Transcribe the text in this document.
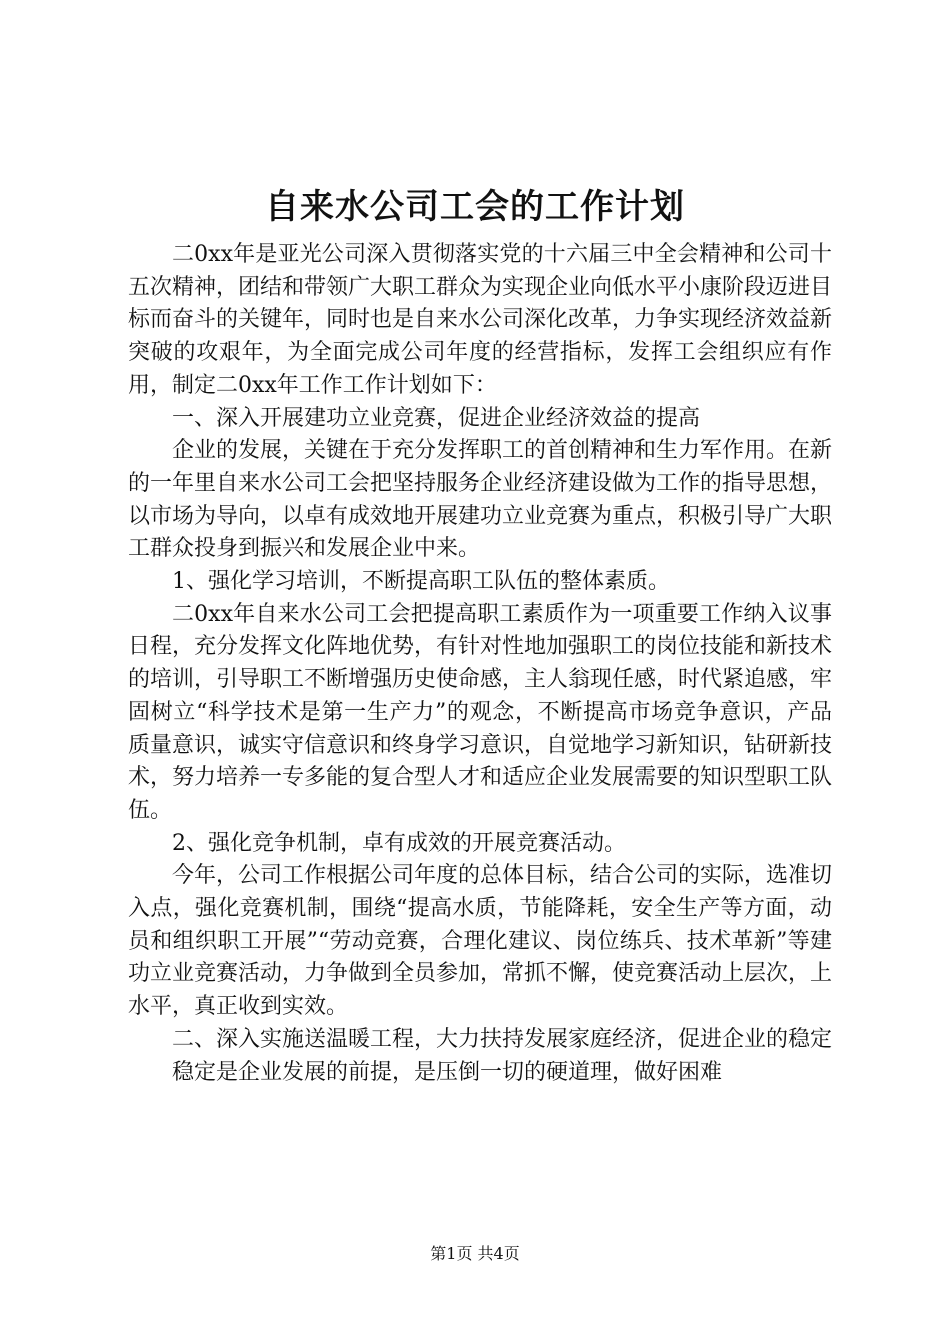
自来水公司工会的工作计划

二0xx年是亚光公司深入贯彻落实党的十六届三中全会精神和公司十五次精神，团结和带领广大职工群众为实现企业向低水平小康阶段迈进目标而奋斗的关键年，同时也是自来水公司深化改革，力争实现经济效益新突破的攻艰年，为全面完成公司年度的经营指标，发挥工会组织应有作用，制定二0xx年工作工作计划如下：

一、深入开展建功立业竞赛，促进企业经济效益的提高

企业的发展，关键在于充分发挥职工的首创精神和生力军作用。在新的一年里自来水公司工会把坚持服务企业经济建设做为工作的指导思想，以市场为导向，以卓有成效地开展建功立业竞赛为重点，积极引导广大职工群众投身到振兴和发展企业中来。

1、强化学习培训，不断提高职工队伍的整体素质。

二0xx年自来水公司工会把提高职工素质作为一项重要工作纳入议事日程，充分发挥文化阵地优势，有针对性地加强职工的岗位技能和新技术的培训，引导职工不断增强历史使命感，主人翁现任感，时代紧追感，牢固树立“科学技术是第一生产力”的观念，不断提高市场竞争意识，产品质量意识，诚实守信意识和终身学习意识，自觉地学习新知识，钻研新技术，努力培养一专多能的复合型人才和适应企业发展需要的知识型职工队伍。

2、强化竞争机制，卓有成效的开展竞赛活动。

今年，公司工作根据公司年度的总体目标，结合公司的实际，选准切入点，强化竞赛机制，围绕“提高水质，节能降耗，安全生产等方面，动员和组织职工开展”“劳动竞赛，合理化建议、岗位练兵、技术革新”等建功立业竞赛活动，力争做到全员参加，常抓不懈，使竞赛活动上层次，上水平，真正收到实效。

二、深入实施送温暖工程，大力扶持发展家庭经济，促进企业的稳定

稳定是企业发展的前提，是压倒一切的硬道理，做好困难

第1页 共4页
